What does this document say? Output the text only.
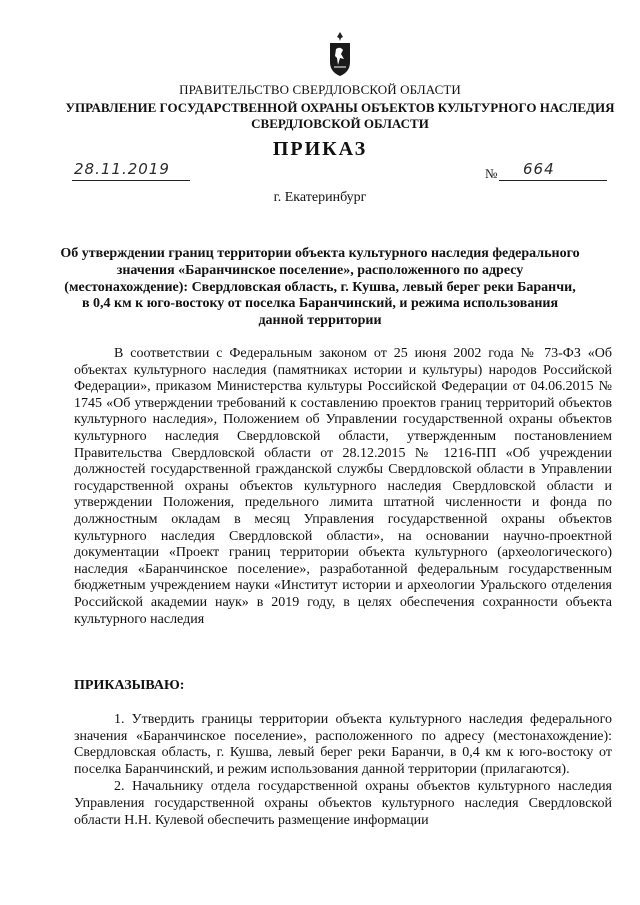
ПРАВИТЕЛЬСТВО СВЕРДЛОВСКОЙ ОБЛАСТИ
УПРАВЛЕНИЕ ГОСУДАРСТВЕННОЙ ОХРАНЫ ОБЪЕКТОВ КУЛЬТУРНОГО НАСЛЕДИЯ СВЕРДЛОВСКОЙ ОБЛАСТИ
ПРИКАЗ
28.11.2019	№ 664
г. Екатеринбург
Об утверждении границ территории объекта культурного наследия федерального значения «Баранчинское поселение», расположенного по адресу (местонахождение): Свердловская область, г. Кушва, левый берег реки Баранчи, в 0,4 км к юго-востоку от поселка Баранчинский, и режима использования данной территории

В соответствии с Федеральным законом от 25 июня 2002 года № 73-ФЗ «Об объектах культурного наследия (памятниках истории и культуры) народов Российской Федерации», приказом Министерства культуры Российской Федерации от 04.06.2015 № 1745 «Об утверждении требований к составлению проектов границ территорий объектов культурного наследия», Положением об Управлении государственной охраны объектов культурного наследия Свердловской области, утвержденным постановлением Правительства Свердловской области от 28.12.2015 № 1216-ПП «Об учреждении должностей государственной гражданской службы Свердловской области в Управлении государственной охраны объектов культурного наследия Свердловской области и утверждении Положения, предельного лимита штатной численности и фонда по должностным окладам в месяц Управления государственной охраны объектов культурного наследия Свердловской области», на основании научно-проектной документации «Проект границ территории объекта культурного (археологического) наследия «Баранчинское поселение», разработанной федеральным государственным бюджетным учреждением науки «Институт истории и археологии Уральского отделения Российской академии наук» в 2019 году, в целях обеспечения сохранности объекта культурного наследия

ПРИКАЗЫВАЮ:

1. Утвердить границы территории объекта культурного наследия федерального значения «Баранчинское поселение», расположенного по адресу (местонахождение): Свердловская область, г. Кушва, левый берег реки Баранчи, в 0,4 км к юго-востоку от поселка Баранчинский, и режим использования данной территории (прилагаются).

2. Начальнику отдела государственной охраны объектов культурного наследия Управления государственной охраны объектов культурного наследия Свердловской области Н.Н. Кулевой обеспечить размещение информации
